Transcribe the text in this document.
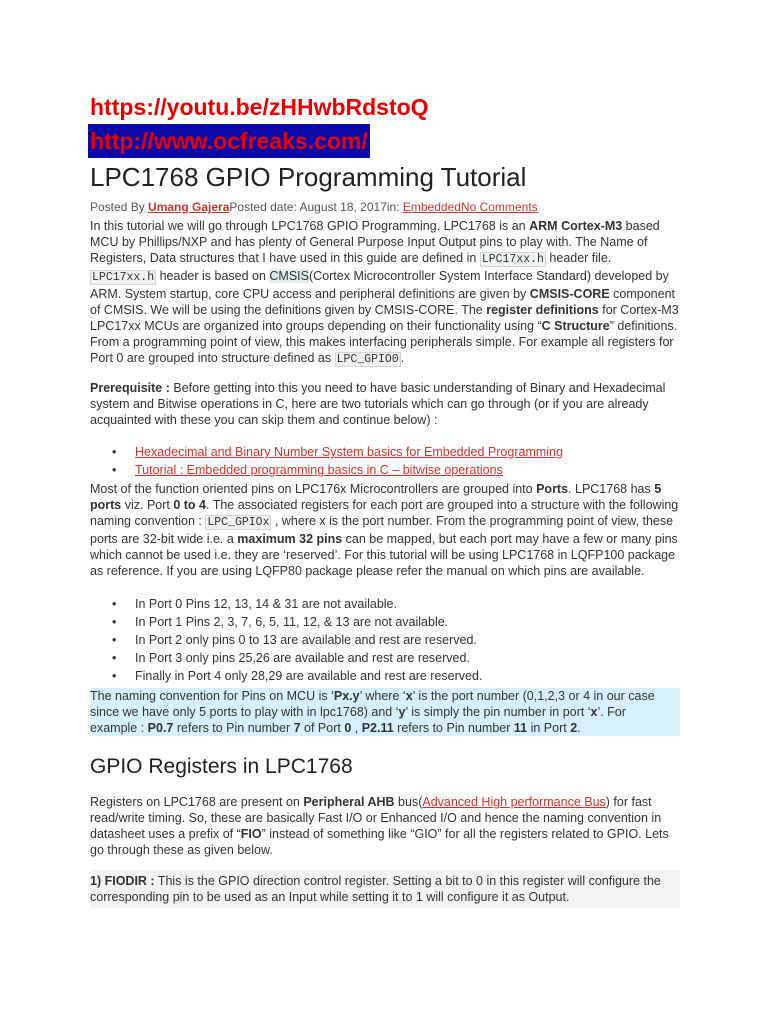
https://youtu.be/zHHwbRdstoQ
http://www.ocfreaks.com/
LPC1768 GPIO Programming Tutorial
Posted By Umang GajeraPosted date: August 18, 2017in: EmbeddedNo Comments

In this tutorial we will go through LPC1768 GPIO Programming. LPC1768 is an ARM Cortex-M3 based MCU by Phillips/NXP and has plenty of General Purpose Input Output pins to play with. The Name of Registers, Data structures that I have used in this guide are defined in LPC17xx.h header file. LPC17xx.h header is based on CMSIS(Cortex Microcontroller System Interface Standard) developed by ARM. System startup, core CPU access and peripheral definitions are given by CMSIS-CORE component of CMSIS. We will be using the definitions given by CMSIS-CORE. The register definitions for Cortex-M3 LPC17xx MCUs are organized into groups depending on their functionality using “C Structure” definitions. From a programming point of view, this makes interfacing peripherals simple. For example all registers for Port 0 are grouped into structure defined as LPC_GPIO0 .

Prerequisite : Before getting into this you need to have basic understanding of Binary and Hexadecimal system and Bitwise operations in C, here are two tutorials which can go through (or if you are already acquainted with these you can skip them and continue below) :

• Hexadecimal and Binary Number System basics for Embedded Programming
• Tutorial : Embedded programming basics in C – bitwise operations

Most of the function oriented pins on LPC176x Microcontrollers are grouped into Ports. LPC1768 has 5 ports viz. Port 0 to 4. The associated registers for each port are grouped into a structure with the following naming convention : LPC_GPIOx , where x is the port number. From the programming point of view, these ports are 32-bit wide i.e. a maximum 32 pins can be mapped, but each port may have a few or many pins which cannot be used i.e. they are ‘reserved’. For this tutorial will be using LPC1768 in LQFP100 package as reference. If you are using LQFP80 package please refer the manual on which pins are available.

• In Port 0 Pins 12, 13, 14 & 31 are not available.
• In Port 1 Pins 2, 3, 7, 6, 5, 11, 12, & 13 are not available.
• In Port 2 only pins 0 to 13 are available and rest are reserved.
• In Port 3 only pins 25,26 are available and rest are reserved.
• Finally in Port 4 only 28,29 are available and rest are reserved.

The naming convention for Pins on MCU is ‘Px.y’ where ‘x’ is the port number (0,1,2,3 or 4 in our case since we have only 5 ports to play with in lpc1768) and ‘y’ is simply the pin number in port ‘x’. For example : P0.7 refers to Pin number 7 of Port 0 , P2.11 refers to Pin number 11 in Port 2.

GPIO Registers in LPC1768

Registers on LPC1768 are present on Peripheral AHB bus(Advanced High performance Bus) for fast read/write timing. So, these are basically Fast I/O or Enhanced I/O and hence the naming convention in datasheet uses a prefix of “FIO” instead of something like “GIO” for all the registers related to GPIO. Lets go through these as given below.

1) FIODIR : This is the GPIO direction control register. Setting a bit to 0 in this register will configure the corresponding pin to be used as an Input while setting it to 1 will configure it as Output.
